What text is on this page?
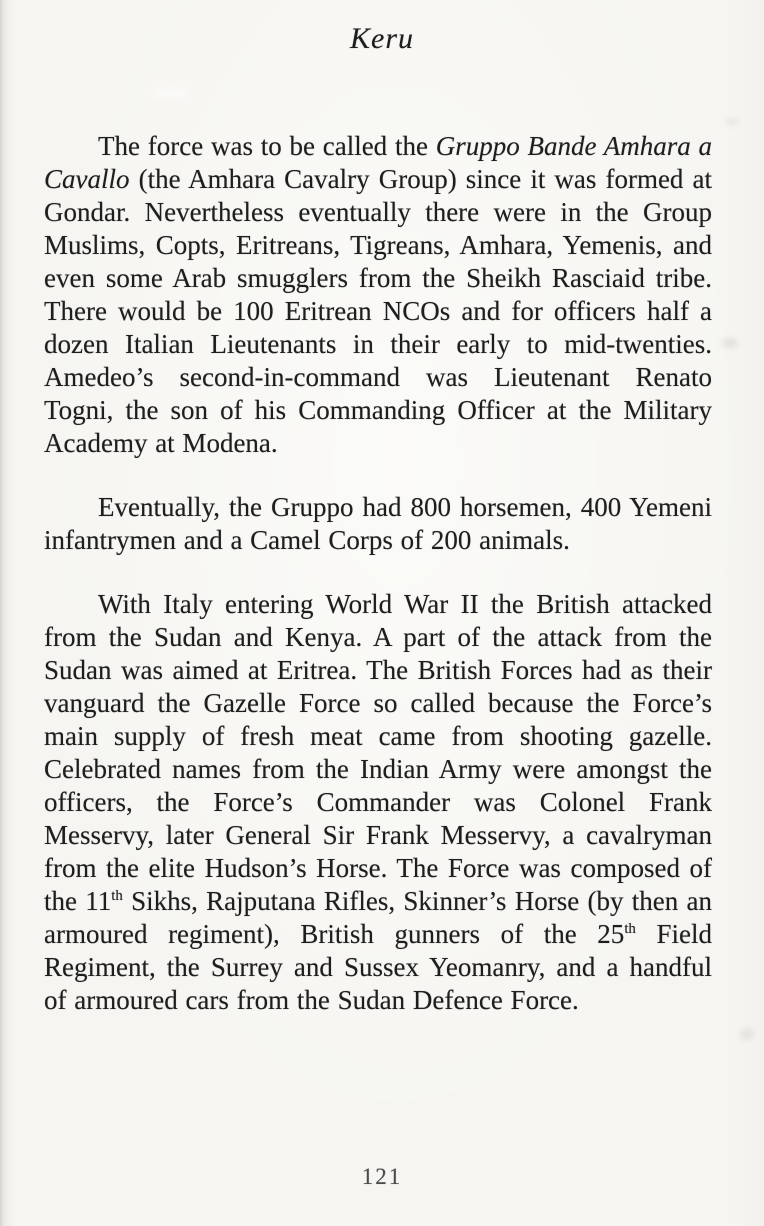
Keru

The force was to be called the Gruppo Bande Amhara a Cavallo (the Amhara Cavalry Group) since it was formed at Gondar. Nevertheless eventually there were in the Group Muslims, Copts, Eritreans, Tigreans, Amhara, Yemenis, and even some Arab smugglers from the Sheikh Rasciaid tribe. There would be 100 Eritrean NCOs and for officers half a dozen Italian Lieutenants in their early to mid-twenties. Amedeo’s second-in-command was Lieutenant Renato Togni, the son of his Commanding Officer at the Military Academy at Modena.

Eventually, the Gruppo had 800 horsemen, 400 Yemeni infantrymen and a Camel Corps of 200 animals.

With Italy entering World War II the British attacked from the Sudan and Kenya. A part of the attack from the Sudan was aimed at Eritrea. The British Forces had as their vanguard the Gazelle Force so called because the Force’s main supply of fresh meat came from shooting gazelle. Celebrated names from the Indian Army were amongst the officers, the Force’s Commander was Colonel Frank Messervy, later General Sir Frank Messervy, a cavalryman from the elite Hudson’s Horse. The Force was composed of the 11th Sikhs, Rajputana Rifles, Skinner’s Horse (by then an armoured regiment), British gunners of the 25th Field Regiment, the Surrey and Sussex Yeomanry, and a handful of armoured cars from the Sudan Defence Force.

121
